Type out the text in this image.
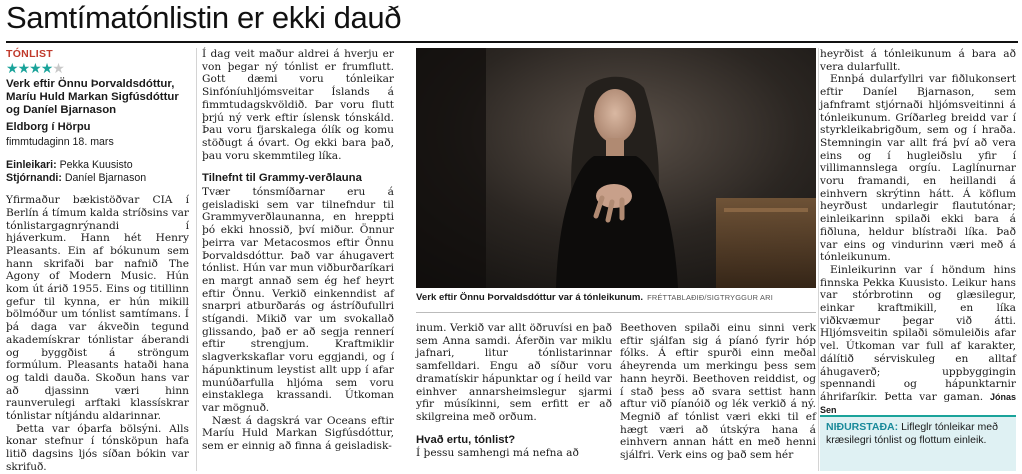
Samtímatónlistin er ekki dauð
TÓNLIST
★★★★★
Verk eftir Önnu Þorvaldsdóttur, Maríu Huld Markan Sigfúsdóttur og Daníel Bjarnason
Eldborg í Hörpu
fimmtudaginn 18. mars
Einleikari: Pekka Kuusisto
Stjórnandi: Daníel Bjarnason

Yfirmaður bækistöðvar CIA í Berlín á tímum kalda stríðsins var tónlistargagnrýnandi í hjáverkum. Hann hét Henry Pleasants. Ein af bókunum sem hann skrifaði bar nafnið The Agony of Modern Music. Hún kom út árið 1955. Eins og titillinn gefur til kynna, er hún mikill bölmóður um tónlist samtímans. Í þá daga var ákveðin tegund akademískrar tónlistar áberandi og byggðist á ströngum formúlum. Pleasants hataði hana og taldi dauða. Skoðun hans var að djassinn væri hinn raunverulegi arftaki klassískrar tónlistar nítjándu aldarinnar.

Þetta var óþarfa bölsýni. Alls konar stefnur í tónsköpun hafa litið dagsins ljós síðan bókin var skrifuð.

Í dag veit maður aldrei á hverju er von þegar ný tónlist er frumflutt. Gott dæmi voru tónleikar Sinfóníuhljómsveitar Íslands á fimmtudagskvöldið. Þar voru flutt þrjú ný verk eftir íslensk tónskáld. Þau voru fjarskalega ólík og komu stöðugt á óvart. Og ekki bara það, þau voru skemmtileg líka.

Tilnefnt til Grammy-verðlauna

Tvær tónsmíðarnar eru á geisladiski sem var tilnefndur til Grammyverðlaunanna, en hreppti þó ekki hnossið, því miður. Önnur þeirra var Metacosmos eftir Önnu Þorvaldsdóttur. Það var áhugavert tónlist. Hún var mun viðburðaríkari en margt annað sem ég hef heyrt eftir Önnu. Verkið einkenndist af snarpri atburðarás og ástríðufullri stígandi. Mikið var um svokallað glissando, það er að segja rennerí eftir strengjum. Kraftmiklir slagverkskaflar voru eggjandi, og í hápunktinum leystist allt upp í afar munúðarfulla hljóma sem voru einstaklega krassandi. Útkoman var mögnuð.

Næst á dagskrá var Oceans eftir Maríu Huld Markan Sigfúsdóttur, sem er einnig að finna á geisladisk-

Verk eftir Önnu Þorvaldsdóttur var á tónleikunum. FRÉTTABLAÐIÐ/SIGTRYGGUR ARI

inum. Verkið var allt öðruvísi en það sem Anna samdi. Áferðin var miklu jafnari, litur tónlistarinnar samfelldari. Engu að síður voru dramatískir hápunktar og í heild var einhver annarsheimslegur sjarmi yfir músíkinni, sem erfitt er að skilgreina með orðum.

Hvað ertu, tónlist?

Í þessu samhengi má nefna að

Beethoven spilaði einu sinni verk eftir sjálfan sig á píanó fyrir hóp fólks. Á eftir spurði einn meðal áheyrenda um merkingu þess sem hann heyrði. Beethoven reiddist, og í stað þess að svara settist hann aftur við píanóið og lék verkið á ný. Megnið af tónlist væri ekki til ef hægt væri að útskýra hana á einhvern annan hátt en með henni sjálfri. Verk eins og það sem hér

heyrðist á tónleikunum á bara að vera dularfullt.

Ennþá dularfyllri var fiðlukonsert eftir Daníel Bjarnason, sem jafnframt stjórnaði hljómsveitinni á tónleikunum. Gríðarleg breidd var í styrkleikabrigðum, sem og í hraða. Stemningin var allt frá því að vera eins og í hugleiðslu yfir í villimannslega orgíu. Laglínurnar voru framandi, en heillandi á einhvern skrýtinn hátt. Á köflum heyrðust undarlegir flaututónar; einleikarinn spilaði ekki bara á fiðluna, heldur blístraði líka. Það var eins og vindurinn væri með á tónleikunum.

Einleikurinn var í höndum hins finnska Pekka Kuusisto. Leikur hans var stórbrotinn og glæsilegur, einkar kraftmikill, en líka viðkvæmur þegar við átti. Hljómsveitin spilaði sömuleiðis afar vel. Útkoman var full af karakter, dálítið sérviskuleg en alltaf áhugaverð; uppbyggingin spennandi og hápunktarnir áhrifaríkir. Þetta var gaman. Jónas Sen

NIÐURSTAÐA: Lifleglr tónleikar með kræsilegri tónlist og flottum einleik.
